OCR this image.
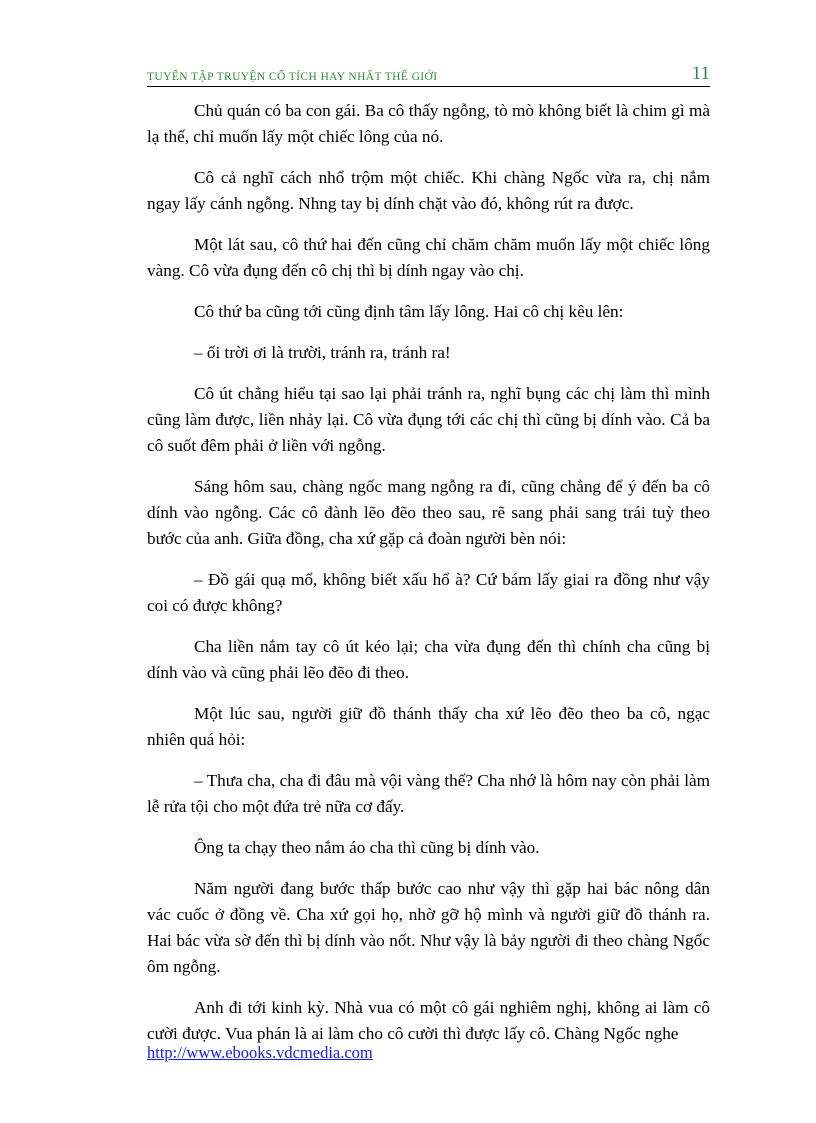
TUYỂN TẬP TRUYỆN CỔ TÍCH HAY NHẤT THẾ GIỚI	11

Chủ quán có ba con gái. Ba cô thấy ngỗng, tò mò không biết là chim gì mà lạ thế, chỉ muốn lấy một chiếc lông của nó.

Cô cả nghĩ cách nhổ trộm một chiếc. Khi chàng Ngốc vừa ra, chị nắm ngay lấy cánh ngỗng. Nhng tay bị dính chặt vào đó, không rút ra được.

Một lát sau, cô thứ hai đến cũng chỉ chăm chăm muốn lấy một chiếc lông vàng. Cô vừa đụng đến cô chị thì bị dính ngay vào chị.

Cô thứ ba cũng tới cũng định tâm lấy lông. Hai cô chị kêu lên:

– ối trời ơi là trười, tránh ra, tránh ra!

Cô út chẳng hiểu tại sao lại phải tránh ra, nghĩ bụng các chị làm thì mình cũng làm được, liền nhảy lại. Cô vừa đụng tới các chị thì cũng bị dính vào. Cả ba cô suốt đêm phải ở liền với ngỗng.

Sáng hôm sau, chàng ngốc mang ngỗng ra đi, cũng chẳng để ý đến ba cô dính vào ngỗng. Các cô đành lẽo đẽo theo sau, rẽ sang phải sang trái tuỳ theo bước của anh. Giữa đồng, cha xứ gặp cả đoàn người bèn nói:

– Đồ gái quạ mổ, không biết xấu hổ à? Cứ bám lấy giai ra đồng như vậy coi có được không?

Cha liền nắm tay cô út kéo lại; cha vừa đụng đến thì chính cha cũng bị dính vào và cũng phải lẽo đẽo đi theo.

Một lúc sau, người giữ đồ thánh thấy cha xứ lẽo đẽo theo ba cô, ngạc nhiên quá hỏi:

– Thưa cha, cha đi đâu mà vội vàng thế? Cha nhớ là hôm nay còn phải làm lễ rửa tội cho một đứa trẻ nữa cơ đấy.

Ông ta chạy theo nắm áo cha thì cũng bị dính vào.

Năm người đang bước thấp bước cao như vậy thì gặp hai bác nông dân vác cuốc ở đồng về. Cha xứ gọi họ, nhờ gỡ hộ mình và người giữ đồ thánh ra. Hai bác vừa sờ đến thì bị dính vào nốt. Như vậy là bảy người đi theo chàng Ngốc ôm ngỗng.

Anh đi tới kinh kỳ. Nhà vua có một cô gái nghiêm nghị, không ai làm cô cười được. Vua phán là ai làm cho cô cười thì được lấy cô. Chàng Ngốc nghe

http://www.ebooks.vdcmedia.com
